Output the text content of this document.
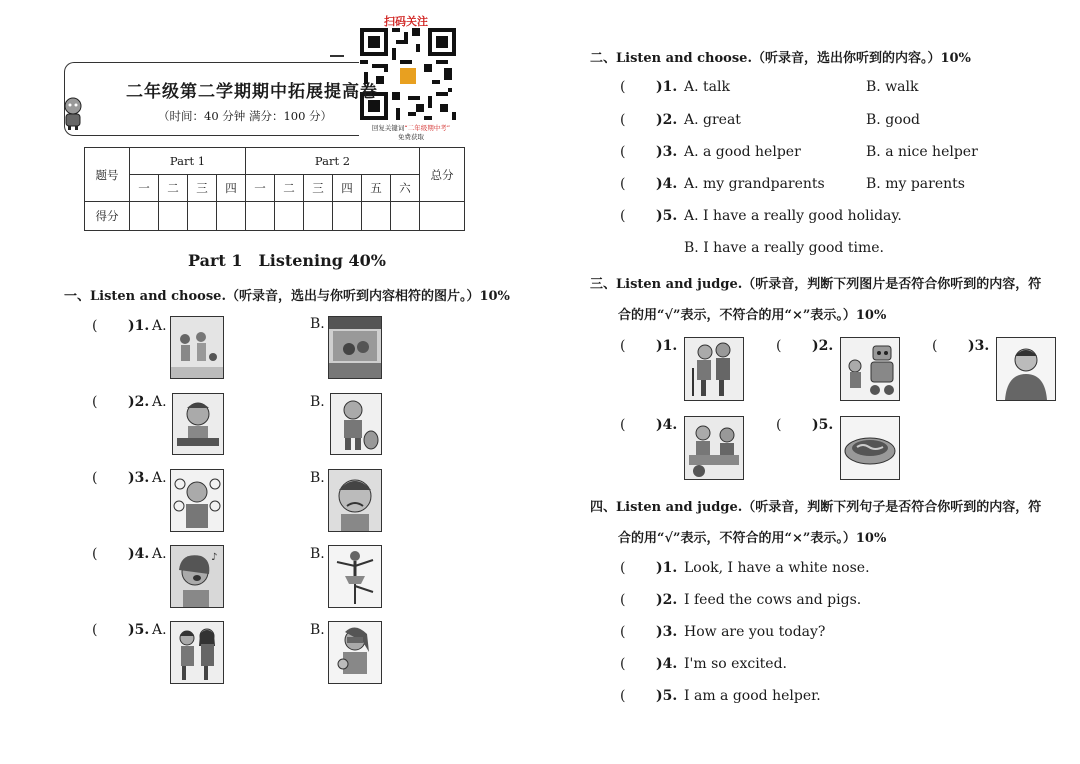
扫码关注
回复关键词“二年级期中考”
免费获取
二年级第二学期期中拓展提高卷
（时间：40 分钟 满分：100 分）
题号	Part 1				Part 2						总分
	一	二	三	四	一	二	三	四	五	六	
得分											
Part 1　Listening 40%
一、Listen and choose.（听录音，选出与你听到内容相符的图片。）10%
( )1. A.	B.
( )2. A.	B.
( )3. A.	B.
( )4. A.	♪	B.
( )5. A.	B.
二、Listen and choose.（听录音，选出你听到的内容。）10%
( )1. A. talk	B. walk
( )2. A. great	B. good
( )3. A. a good helper	B. a nice helper
( )4. A. my grandparents	B. my parents
( )5. A. I have a really good holiday.
B. I have a really good time.
三、Listen and judge.（听录音，判断下列图片是否符合你听到的内容，符
合的用“√”表示，不符合的用“×”表示。）10%
( )1.	( )2.	( )3.
( )4.	( )5.
四、Listen and judge.（听录音，判断下列句子是否符合你听到的内容，符
合的用“√”表示，不符合的用“×”表示。）10%
( )1. Look, I have a white nose.
( )2. I feed the cows and pigs.
( )3. How are you today?
( )4. I'm so excited.
( )5. I am a good helper.
